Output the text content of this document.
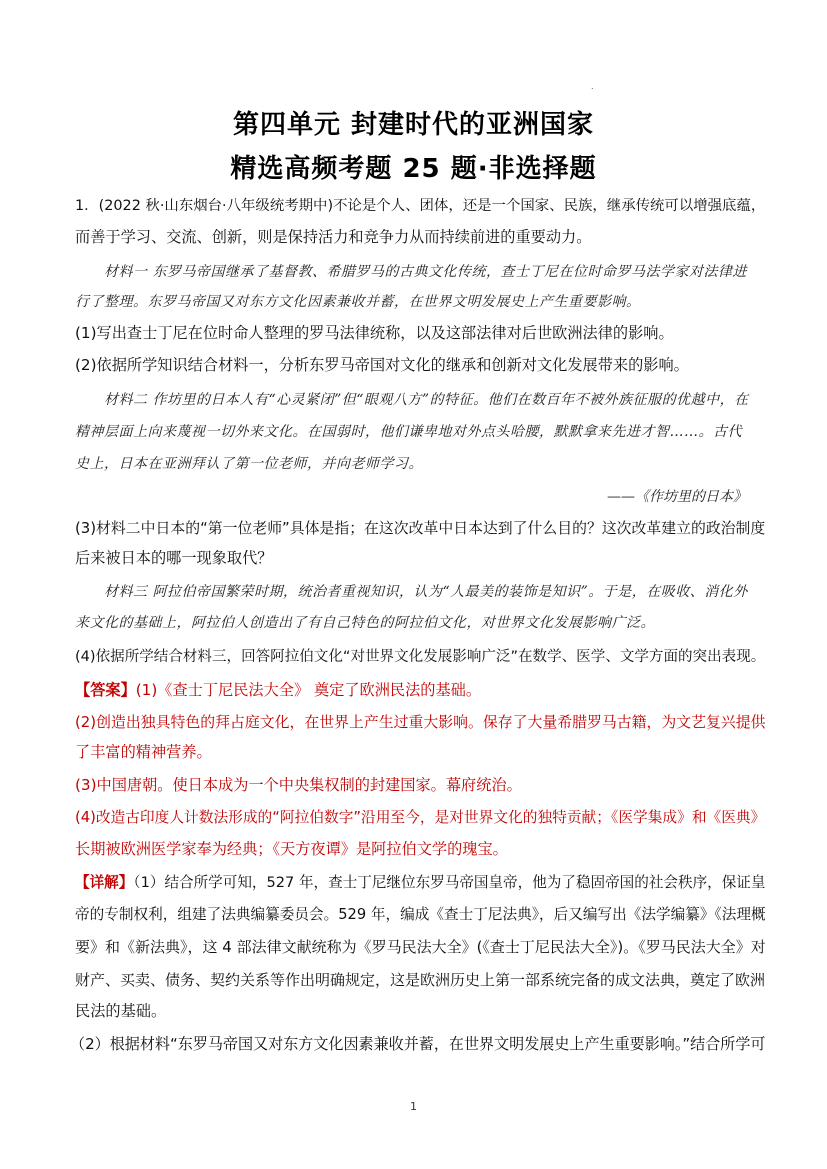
.
第四单元 封建时代的亚洲国家
精选高频考题 25 题·非选择题
1．(2022 秋·山东烟台·八年级统考期中)不论是个人、团体，还是一个国家、民族，继承传统可以增强底蕴，
而善于学习、交流、创新，则是保持活力和竞争力从而持续前进的重要动力。
材料一 东罗马帝国继承了基督教、希腊罗马的古典文化传统，查士丁尼在位时命罗马法学家对法律进
行了整理。东罗马帝国又对东方文化因素兼收并蓄，在世界文明发展史上产生重要影响。
(1)写出查士丁尼在位时命人整理的罗马法律统称，以及这部法律对后世欧洲法律的影响。
(2)依据所学知识结合材料一，分析东罗马帝国对文化的继承和创新对文化发展带来的影响。
材料二 作坊里的日本人有“心灵紧闭”但“眼观八方”的特征。他们在数百年不被外族征服的优越中，在
精神层面上向来蔑视一切外来文化。在国弱时，他们谦卑地对外点头哈腰，默默拿来先进才智……。古代
史上，日本在亚洲拜认了第一位老师，并向老师学习。
——《作坊里的日本》
(3)材料二中日本的“第一位老师”具体是指；在这次改革中日本达到了什么目的？这次改革建立的政治制度
后来被日本的哪一现象取代？
材料三 阿拉伯帝国繁荣时期，统治者重视知识，认为“人最美的装饰是知识”。于是，在吸收、消化外
来文化的基础上，阿拉伯人创造出了有自己特色的阿拉伯文化，对世界文化发展影响广泛。
(4)依据所学结合材料三，回答阿拉伯文化“对世界文化发展影响广泛”在数学、医学、文学方面的突出表现。
【答案】(1)《查士丁尼民法大全》 奠定了欧洲民法的基础。
(2)创造出独具特色的拜占庭文化，在世界上产生过重大影响。保存了大量希腊罗马古籍，为文艺复兴提供
了丰富的精神营养。
(3)中国唐朝。使日本成为一个中央集权制的封建国家。幕府统治。
(4)改造古印度人计数法形成的“阿拉伯数字”沿用至今，是对世界文化的独特贡献；《医学集成》和《医典》
长期被欧洲医学家奉为经典；《天方夜谭》是阿拉伯文学的瑰宝。
【详解】（1）结合所学可知，527 年，查士丁尼继位东罗马帝国皇帝，他为了稳固帝国的社会秩序，保证皇
帝的专制权利，组建了法典编纂委员会。529 年，编成《查士丁尼法典》，后又编写出《法学编纂》《法理概
要》和《新法典》，这 4 部法律文献统称为《罗马民法大全》(《查士丁尼民法大全》)。《罗马民法大全》对
财产、买卖、债务、契约关系等作出明确规定，这是欧洲历史上第一部系统完备的成文法典，奠定了欧洲
民法的基础。
（2）根据材料“东罗马帝国又对东方文化因素兼收并蓄，在世界文明发展史上产生重要影响。”结合所学可
1
